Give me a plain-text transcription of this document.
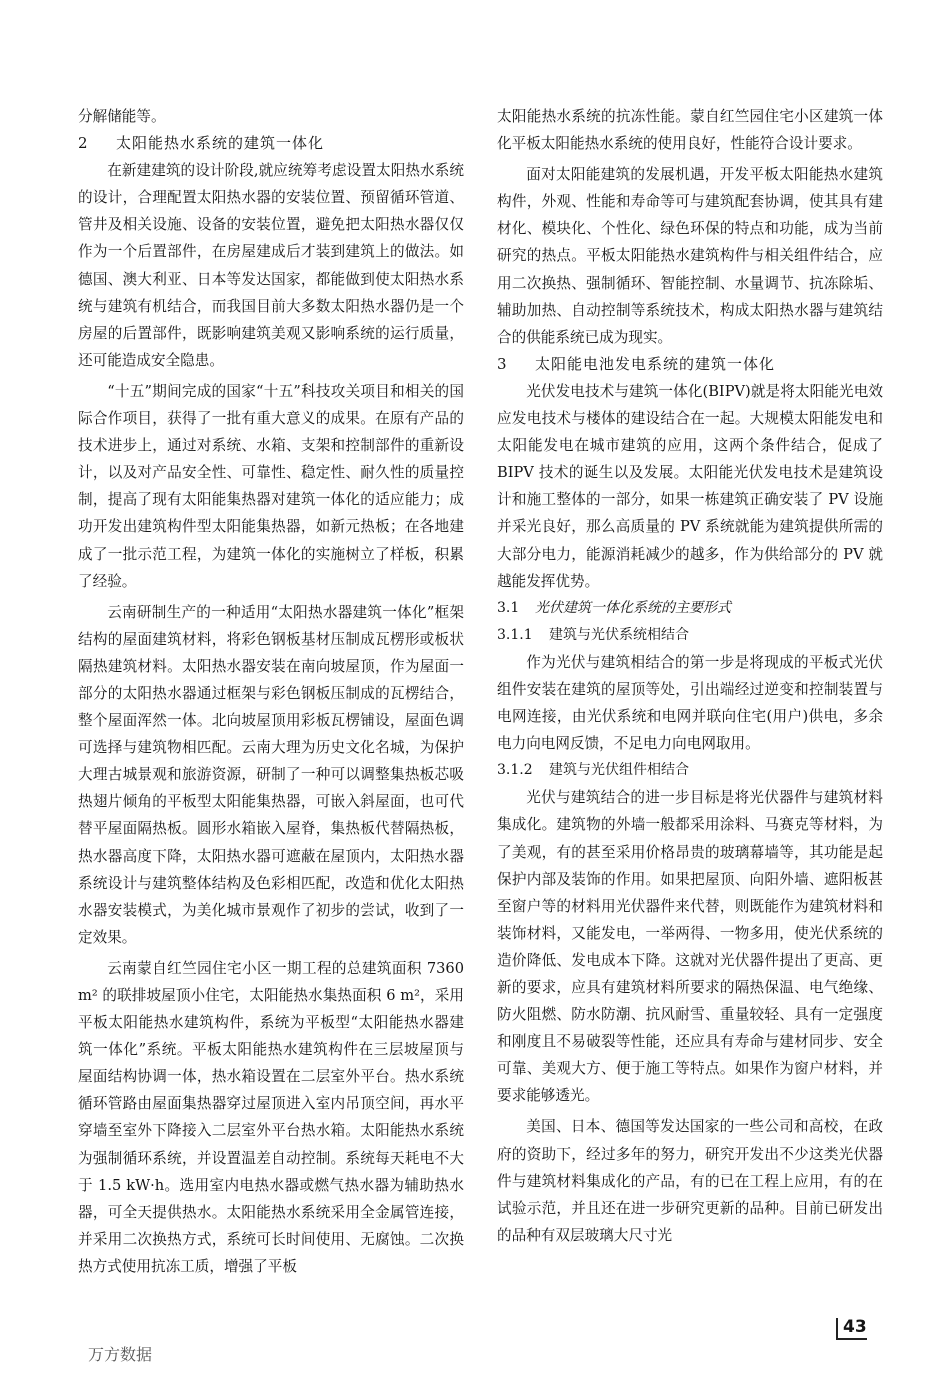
分解储能等。

2 太阳能热水系统的建筑一体化

在新建建筑的设计阶段,就应统筹考虑设置太阳热水系统的设计，合理配置太阳热水器的安装位置、预留循环管道、管井及相关设施、设备的安装位置，避免把太阳热水器仅仅作为一个后置部件，在房屋建成后才装到建筑上的做法。如德国、澳大利亚、日本等发达国家，都能做到使太阳热水系统与建筑有机结合，而我国目前大多数太阳热水器仍是一个房屋的后置部件，既影响建筑美观又影响系统的运行质量，还可能造成安全隐患。

“十五”期间完成的国家“十五”科技攻关项目和相关的国际合作项目，获得了一批有重大意义的成果。在原有产品的技术进步上，通过对系统、水箱、支架和控制部件的重新设计，以及对产品安全性、可靠性、稳定性、耐久性的质量控制，提高了现有太阳能集热器对建筑一体化的适应能力；成功开发出建筑构件型太阳能集热器，如新元热板；在各地建成了一批示范工程，为建筑一体化的实施树立了样板，积累了经验。

云南研制生产的一种适用“太阳热水器建筑一体化”框架结构的屋面建筑材料，将彩色钢板基材压制成瓦楞形或板状隔热建筑材料。太阳热水器安装在南向坡屋顶，作为屋面一部分的太阳热水器通过框架与彩色钢板压制成的瓦楞结合，整个屋面浑然一体。北向坡屋顶用彩板瓦楞铺设，屋面色调可选择与建筑物相匹配。云南大理为历史文化名城，为保护大理古城景观和旅游资源，研制了一种可以调整集热板芯吸热翅片倾角的平板型太阳能集热器，可嵌入斜屋面，也可代替平屋面隔热板。圆形水箱嵌入屋脊，集热板代替隔热板，热水器高度下降，太阳热水器可遮蔽在屋顶内，太阳热水器系统设计与建筑整体结构及色彩相匹配，改造和优化太阳热水器安装模式，为美化城市景观作了初步的尝试，收到了一定效果。

云南蒙自红竺园住宅小区一期工程的总建筑面积 7360 m² 的联排坡屋顶小住宅，太阳能热水集热面积 6 m²，采用平板太阳能热水建筑构件，系统为平板型“太阳能热水器建筑一体化”系统。平板太阳能热水建筑构件在三层坡屋顶与屋面结构协调一体，热水箱设置在二层室外平台。热水系统循环管路由屋面集热器穿过屋顶进入室内吊顶空间，再水平穿墙至室外下降接入二层室外平台热水箱。太阳能热水系统为强制循环系统，并设置温差自动控制。系统每天耗电不大于 1.5 kW·h。选用室内电热水器或燃气热水器为辅助热水器，可全天提供热水。太阳能热水系统采用全金属管连接，并采用二次换热方式，系统可长时间使用、无腐蚀。二次换热方式使用抗冻工质，增强了平板

太阳能热水系统的抗冻性能。蒙自红竺园住宅小区建筑一体化平板太阳能热水系统的使用良好，性能符合设计要求。

面对太阳能建筑的发展机遇，开发平板太阳能热水建筑构件，外观、性能和寿命等可与建筑配套协调，使其具有建材化、模块化、个性化、绿色环保的特点和功能，成为当前研究的热点。平板太阳能热水建筑构件与相关组件结合，应用二次换热、强制循环、智能控制、水量调节、抗冻除垢、辅助加热、自动控制等系统技术，构成太阳热水器与建筑结合的供能系统已成为现实。

3 太阳能电池发电系统的建筑一体化

光伏发电技术与建筑一体化(BIPV)就是将太阳能光电效应发电技术与楼体的建设结合在一起。大规模太阳能发电和太阳能发电在城市建筑的应用，这两个条件结合，促成了 BIPV 技术的诞生以及发展。太阳能光伏发电技术是建筑设计和施工整体的一部分，如果一栋建筑正确安装了 PV 设施并采光良好，那么高质量的 PV 系统就能为建筑提供所需的大部分电力，能源消耗减少的越多，作为供给部分的 PV 就越能发挥优势。

3.1 光伏建筑一体化系统的主要形式
3.1.1 建筑与光伏系统相结合

作为光伏与建筑相结合的第一步是将现成的平板式光伏组件安装在建筑的屋顶等处，引出端经过逆变和控制装置与电网连接，由光伏系统和电网并联向住宅(用户)供电，多余电力向电网反馈，不足电力向电网取用。

3.1.2 建筑与光伏组件相结合

光伏与建筑结合的进一步目标是将光伏器件与建筑材料集成化。建筑物的外墙一般都采用涂料、马赛克等材料，为了美观，有的甚至采用价格昂贵的玻璃幕墙等，其功能是起保护内部及装饰的作用。如果把屋顶、向阳外墙、遮阳板甚至窗户等的材料用光伏器件来代替，则既能作为建筑材料和装饰材料，又能发电，一举两得、一物多用，使光伏系统的造价降低、发电成本下降。这就对光伏器件提出了更高、更新的要求，应具有建筑材料所要求的隔热保温、电气绝缘、防火阻燃、防水防潮、抗风耐雪、重量较轻、具有一定强度和刚度且不易破裂等性能，还应具有寿命与建材同步、安全可靠、美观大方、便于施工等特点。如果作为窗户材料，并要求能够透光。

美国、日本、德国等发达国家的一些公司和高校，在政府的资助下，经过多年的努力，研究开发出不少这类光伏器件与建筑材料集成化的产品，有的已在工程上应用，有的在试验示范，并且还在进一步研究更新的品种。目前已研发出的品种有双层玻璃大尺寸光

43
万方数据
